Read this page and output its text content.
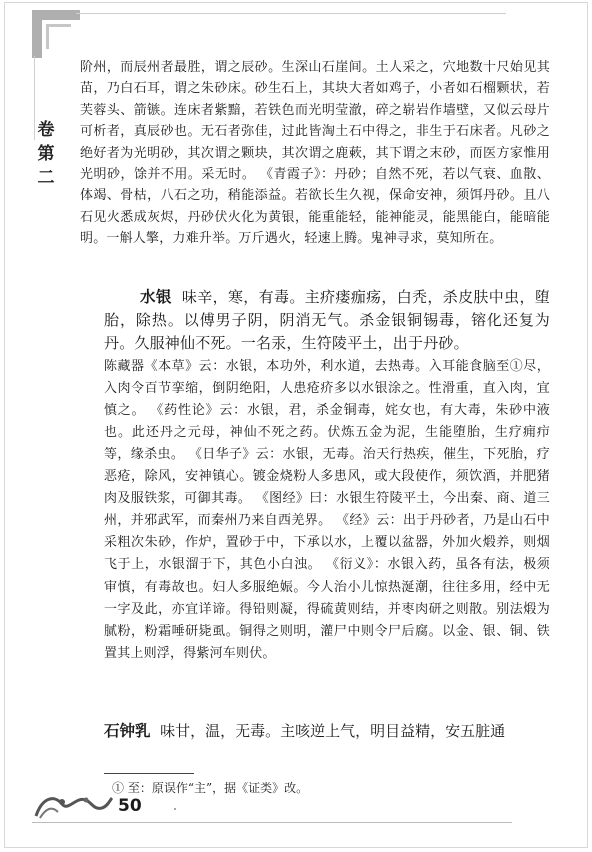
卷
第
二

阶州，而辰州者最胜，谓之辰砂。生深山石崖间。土人采之，穴地数十尺始见其苗，乃白石耳，谓之朱砂床。砂生石上，其块大者如鸡子，小者如石榴颗状，若芙蓉头、箭镞。连床者紫黯，若铁色而光明莹澈，碎之崭岩作墙壁，又似云母片可析者，真辰砂也。无石者弥佳，过此皆淘土石中得之，非生于石床者。凡砂之绝好者为光明砂，其次谓之颗块，其次谓之鹿蔌，其下谓之末砂，而医方家惟用光明砂，馀并不用。采无时。 《青霞子》：丹砂；自然不死，若以气衰、血散、体竭、骨枯，八石之功，稍能添益。若欲长生久视，保命安神，须饵丹砂。且八石见火悉成灰烬，丹砂伏火化为黄银，能重能轻，能神能灵，能黑能白，能暗能明。一斛人擎，力难升举。万斤遇火，轻速上腾。鬼神寻求，莫知所在。

水银 味辛，寒，有毒。主疥瘘痂疡，白秃，杀皮肤中虫，堕胎，除热。以傅男子阴，阴消无气。杀金银铜锡毒，镕化还复为丹。久服神仙不死。一名汞，生符陵平土，出于丹砂。

陈藏器《本草》云：水银，本功外，利水道，去热毒。入耳能食脑至①尽，入肉令百节挛缩，倒阴绝阳，人患疮疥多以水银涂之。性滑重，直入肉，宜慎之。 《药性论》云：水银，君，杀金铜毒，姹女也，有大毒，朱砂中液也。此还丹之元母，神仙不死之药。伏炼五金为泥，生能堕胎，生疗痈疖等，缘杀虫。 《日华子》云：水银，无毒。治天行热疾，催生，下死胎，疗恶疮，除风，安神镇心。镀金烧粉人多患风，或大段使作，须饮酒，并肥猪肉及服铁浆，可御其毒。 《图经》曰：水银生符陵平土，今出秦、商、道三州，并邪武军，而秦州乃来自西羌界。 《经》云：出于丹砂者，乃是山石中采粗次朱砂，作炉，置砂于中，下承以水，上覆以盆器，外加火煅养，则烟飞于上，水银溜于下，其色小白浊。 《衍义》：水银入药，虽各有法，极须审慎，有毒故也。妇人多服绝娠。今人治小儿惊热涎潮，往往多用，经中无一字及此，亦宜详谛。得铅则凝，得硫黄则结，并枣肉研之则散。别法煅为腻粉，粉霜唾研毙虱。铜得之则明，灌尸中则令尸后腐。以金、银、铜、铁置其上则浮，得紫河车则伏。

石钟乳 味甘，温，无毒。主咳逆上气，明目益精，安五脏通
① 至：原误作“主”，据《证类》改。
50
